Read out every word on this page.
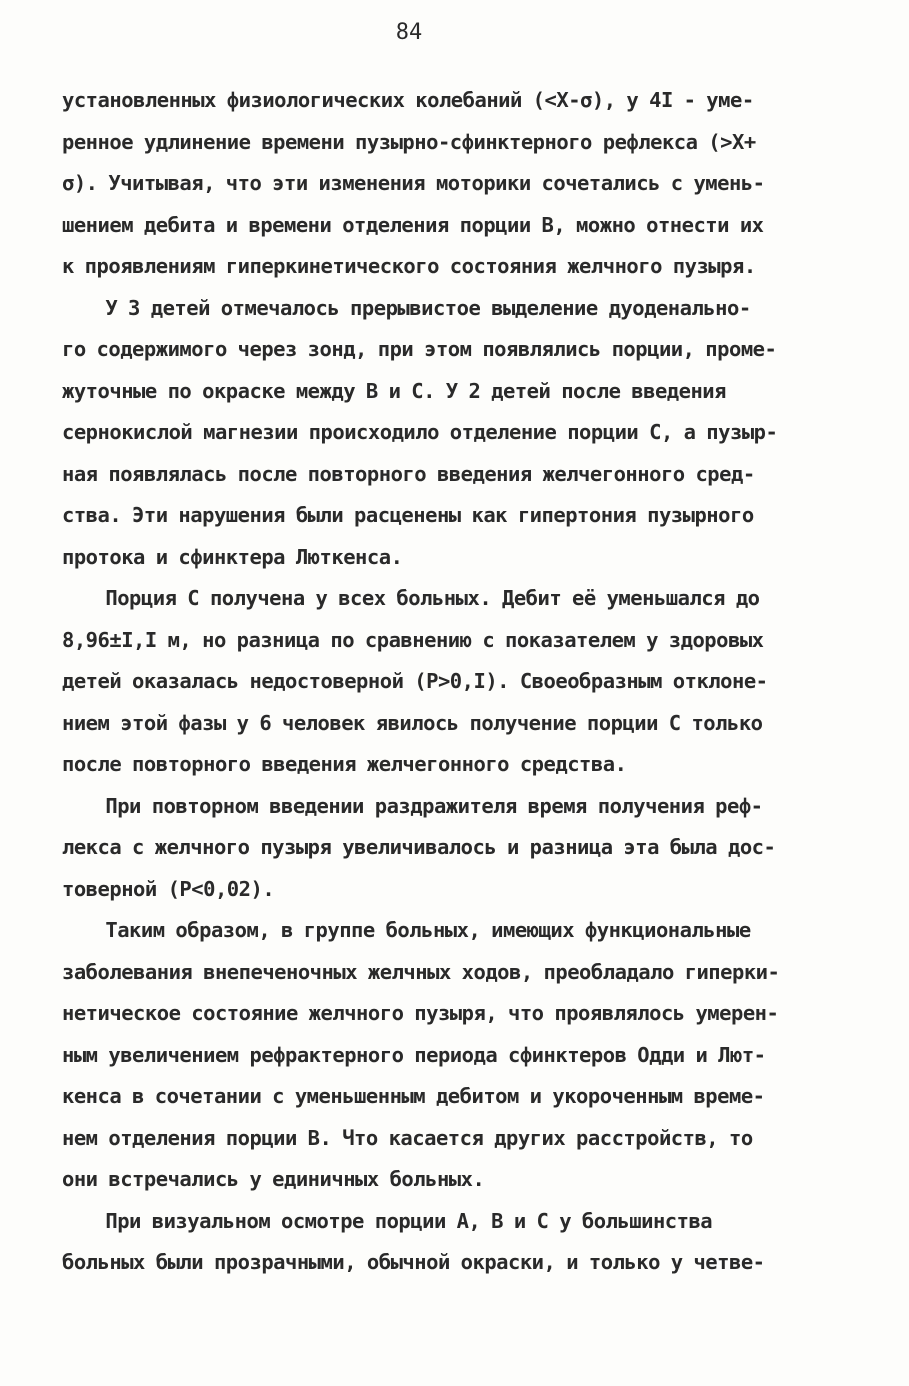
84

установленных физиологических колебаний (<X-σ), у 4I - уме-
ренное удлинение времени пузырно-сфинктерного рефлекса (>X+
σ). Учитывая, что эти изменения моторики сочетались с умень-
шением дебита и времени отделения порции В, можно отнести их
к проявлениям гиперкинетического состояния желчного пузыря.

У 3 детей отмечалось прерывистое выделение дуоденально-
го содержимого через зонд, при этом появлялись порции, проме-
жуточные по окраске между В и С. У 2 детей после введения
сернокислой магнезии происходило отделение порции С, а пузыр-
ная появлялась после повторного введения желчегонного сред-
ства. Эти нарушения были расценены как гипертония пузырного
протока и сфинктера Люткенса.

Порция С получена у всех больных. Дебит её уменьшался до
8,96±I,I м, но разница по сравнению с показателем у здоровых
детей оказалась недостоверной (P>0,I). Своеобразным отклоне-
нием этой фазы у 6 человек явилось получение порции С только
после повторного введения желчегонного средства.

При повторном введении раздражителя время получения реф-
лекса с желчного пузыря увеличивалось и разница эта была дос-
товерной (P<0,02).

Таким образом, в группе больных, имеющих функциональные
заболевания внепеченочных желчных ходов, преобладало гиперки-
нетическое состояние желчного пузыря, что проявлялось умерен-
ным увеличением рефрактерного периода сфинктеров Одди и Лют-
кенса в сочетании с уменьшенным дебитом и укороченным време-
нем отделения порции В. Что касается других расстройств, то
они встречались у единичных больных.

При визуальном осмотре порции А, В и С у большинства
больных были прозрачными, обычной окраски, и только у четве-
